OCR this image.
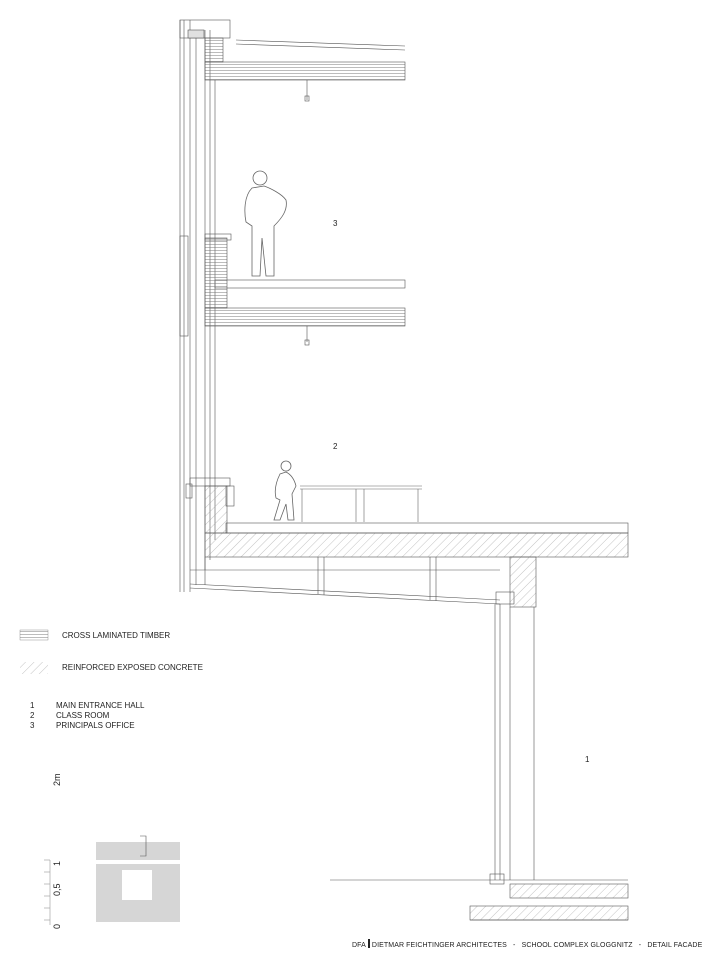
3
2
1
CROSS LAMINATED TIMBER
REINFORCED EXPOSED CONCRETE
1	MAIN ENTRANCE HALL
2	CLASS ROOM
3	PRINCIPALS OFFICE
2m
1
0,5
0
DFA DIETMAR FEICHTINGER ARCHITECTES - SCHOOL COMPLEX GLOGGNITZ - DETAIL FACADE
